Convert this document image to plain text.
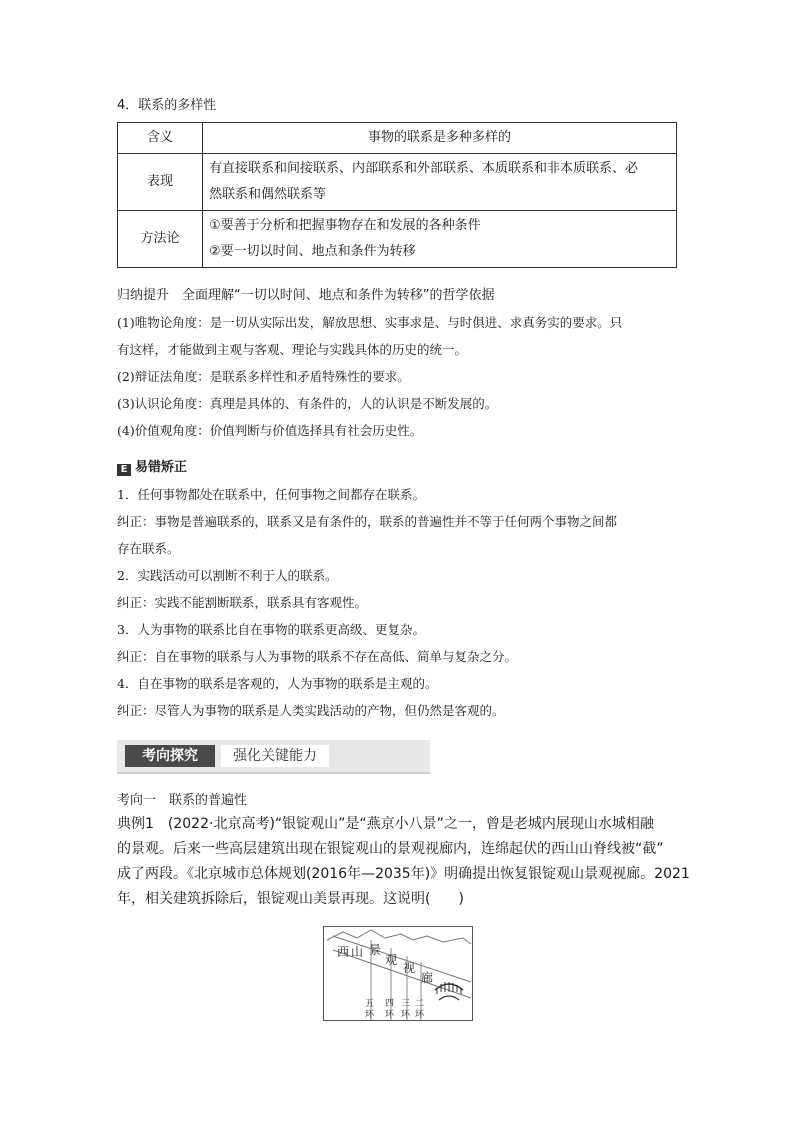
4．联系的多样性
含义	事物的联系是多种多样的
表现	有直接联系和间接联系、内部联系和外部联系、本质联系和非本质联系、必
然联系和偶然联系等

方法论	①要善于分析和把握事物存在和发展的各种条件
②要一切以时间、地点和条件为转移
归纳提升　全面理解“一切以时间、地点和条件为转移”的哲学依据
(1)唯物论角度：是一切从实际出发，解放思想、实事求是、与时俱进、求真务实的要求。只
有这样，才能做到主观与客观、理论与实践具体的历史的统一。
(2)辩证法角度：是联系多样性和矛盾特殊性的要求。
(3)认识论角度：真理是具体的、有条件的，人的认识是不断发展的。
(4)价值观角度：价值判断与价值选择具有社会历史性。
E 易错矫正
1．任何事物都处在联系中，任何事物之间都存在联系。
纠正：事物是普遍联系的，联系又是有条件的，联系的普遍性并不等于任何两个事物之间都
存在联系。
2．实践活动可以割断不利于人的联系。
纠正：实践不能割断联系，联系具有客观性。
3．人为事物的联系比自在事物的联系更高级、更复杂。
纠正：自在事物的联系与人为事物的联系不存在高低、简单与复杂之分。
4．自在事物的联系是客观的，人为事物的联系是主观的。
纠正：尽管人为事物的联系是人类实践活动的产物，但仍然是客观的。
考向探究	强化关键能力
考向一　联系的普遍性
典例1　(2022·北京高考)“银锭观山”是“燕京小八景”之一，曾是老城内展现山水城相融
的景观。后来一些高层建筑出现在银锭观山的景观视廊内，连绵起伏的西山山脊线被“截”
成了两段。《北京城市总体规划(2016年—2035年)》明确提出恢复银锭观山景观视廊。2021
年，相关建筑拆除后，银锭观山美景再现。这说明(　　)
西 山 景
观
视
廊
五
环
四
环
三
环
二
环
